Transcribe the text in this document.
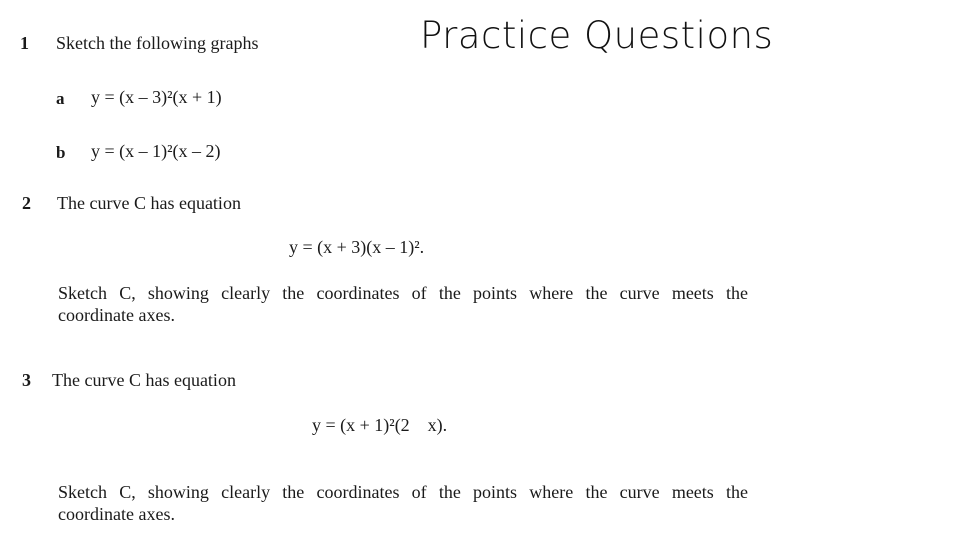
Practice Questions
1 Sketch the following graphs
a y = (x – 3)²(x + 1)
b y = (x – 1)²(x – 2)
2 The curve C has equation
y = (x + 3)(x – 1)².
Sketch C, showing clearly the coordinates of the points where the curve meets the
coordinate axes.
3 The curve C has equation
y = (x + 1)²(2    x).
Sketch C, showing clearly the coordinates of the points where the curve meets the
coordinate axes.
